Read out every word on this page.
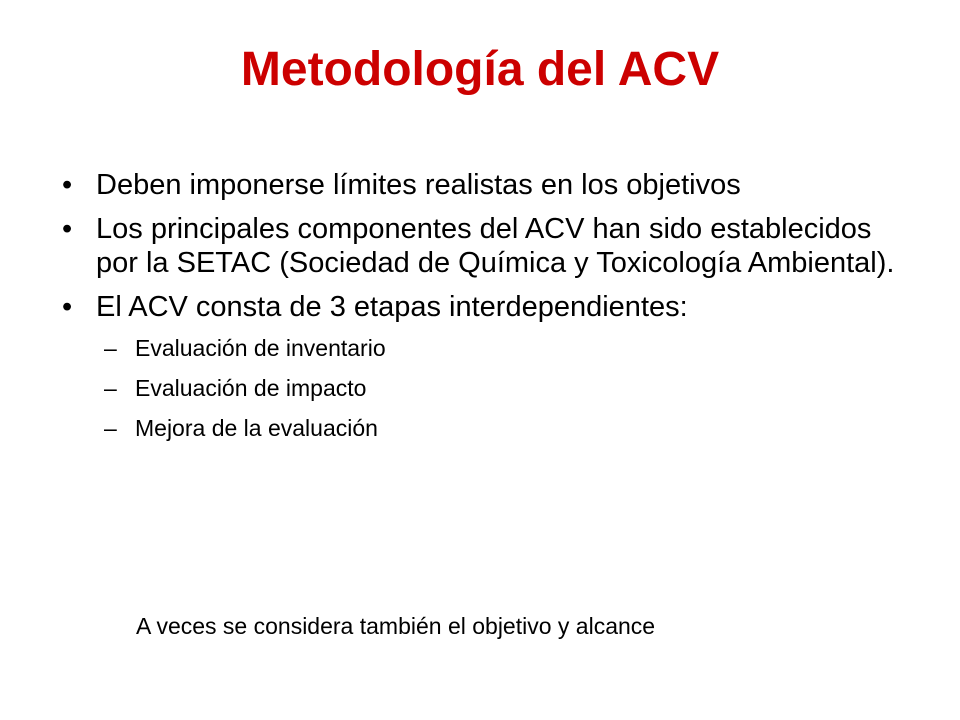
Metodología del ACV
• Deben imponerse límites realistas en los objetivos
• Los principales componentes del ACV han sido establecidos por la SETAC (Sociedad de Química y Toxicología Ambiental).
• El ACV consta de 3 etapas interdependientes:
– Evaluación de inventario
– Evaluación de impacto
– Mejora de la evaluación
A veces se considera también el objetivo y alcance
